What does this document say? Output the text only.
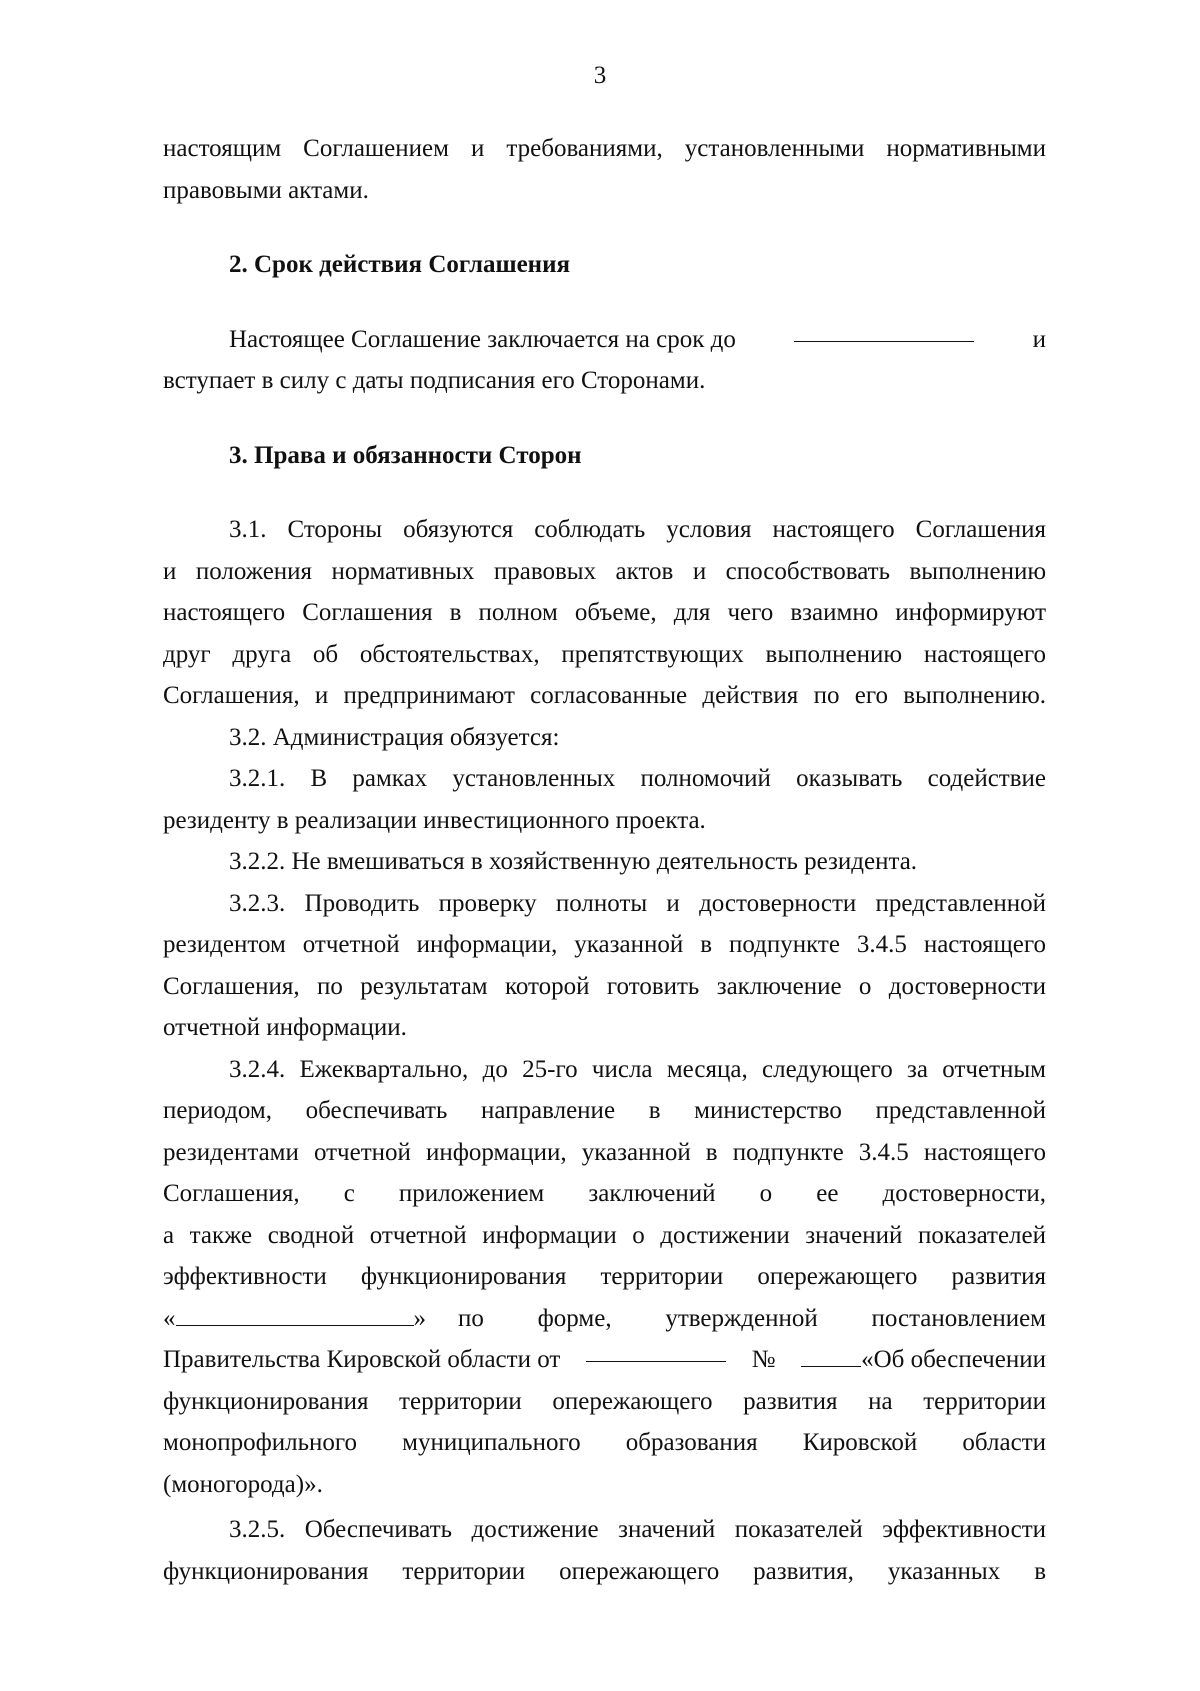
3

настоящим Соглашением и требованиями, установленными нормативными

правовыми актами.

2. Срок действия Соглашения
Настоящее Соглашение заключается на срок до	и

вступает в силу с даты подписания его Сторонами.

3. Права и обязанности Сторон

3.1. Стороны обязуются соблюдать условия настоящего Соглашения

и положения нормативных правовых актов и способствовать выполнению

настоящего Соглашения в полном объеме, для чего взаимно информируют

друг друга об обстоятельствах, препятствующих выполнению настоящего

Соглашения, и предпринимают согласованные действия по его выполнению.

3.2. Администрация обязуется:

3.2.1. В рамках установленных полномочий оказывать содействие

резиденту в реализации инвестиционного проекта.

3.2.2. Не вмешиваться в хозяйственную деятельность резидента.

3.2.3. Проводить проверку полноты и достоверности представленной

резидентом отчетной информации, указанной в подпункте 3.4.5 настоящего

Соглашения, по результатам которой готовить заключение о достоверности

отчетной информации.

3.2.4. Ежеквартально, до 25-го числа месяца, следующего за отчетным

периодом, обеспечивать направление в министерство представленной

резидентами отчетной информации, указанной в подпункте 3.4.5 настоящего

Соглашения, с приложением заключений о ее достоверности,

а также сводной отчетной информации о достижении значений показателей

эффективности функционирования территории опережающего развития

«	» по форме, утвержденной постановлением
Правительства Кировской области от	№	«Об обеспечении

функционирования территории опережающего развития на территории

монопрофильного муниципального образования Кировской области

(моногорода)».

3.2.5. Обеспечивать достижение значений показателей эффективности

функционирования территории опережающего развития, указанных в
